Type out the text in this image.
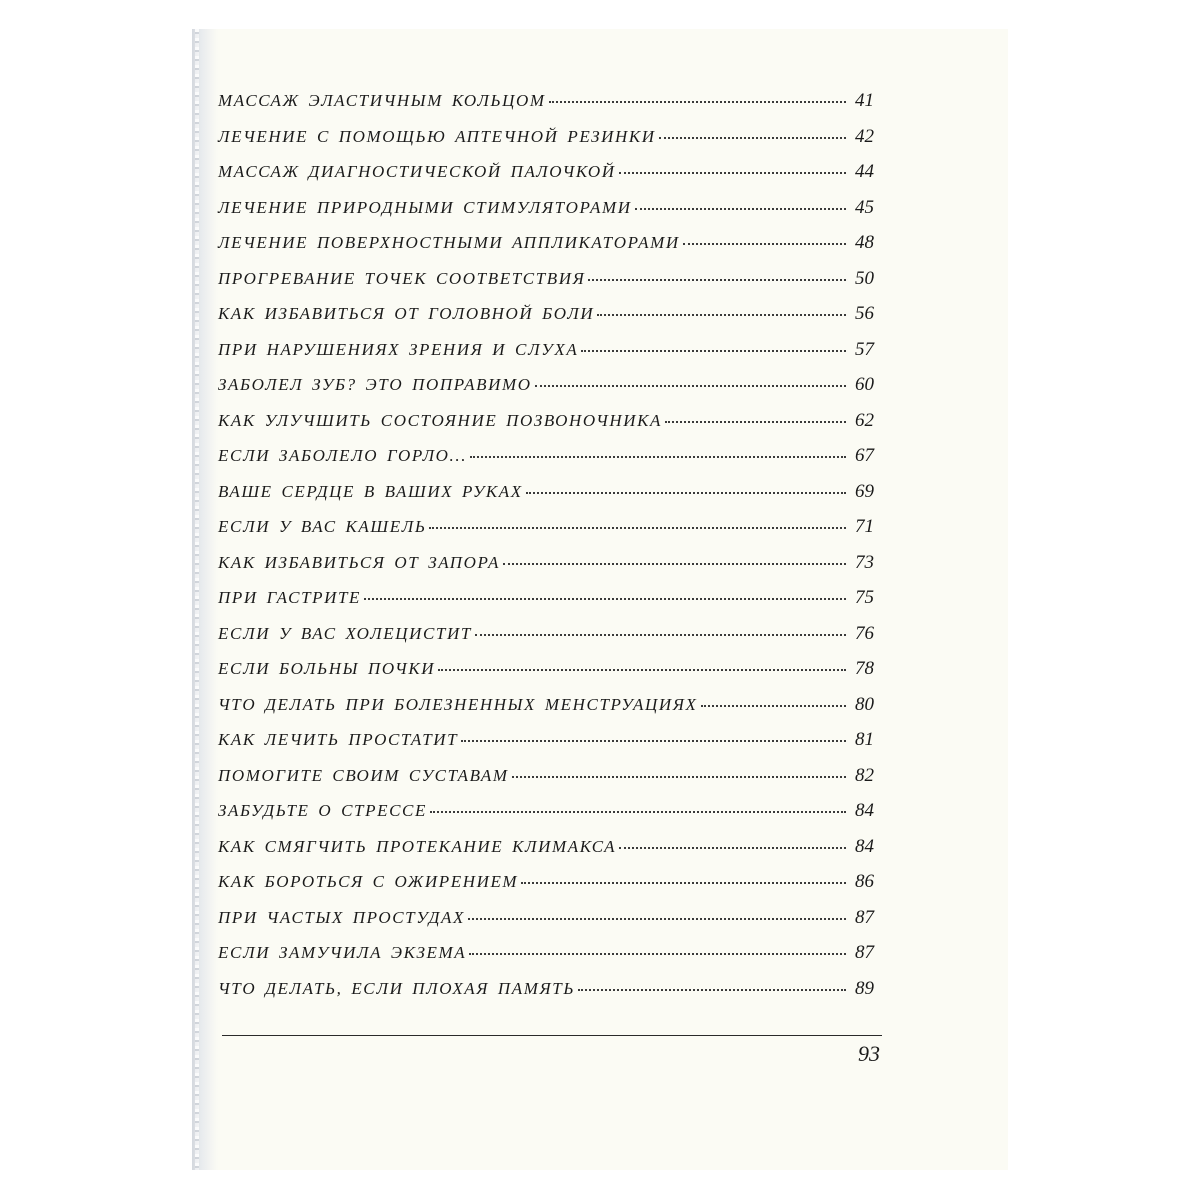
МАССАЖ ЭЛАСТИЧНЫМ КОЛЬЦОМ	41
ЛЕЧЕНИЕ С ПОМОЩЬЮ АПТЕЧНОЙ РЕЗИНКИ	42
МАССАЖ ДИАГНОСТИЧЕСКОЙ ПАЛОЧКОЙ	44
ЛЕЧЕНИЕ ПРИРОДНЫМИ СТИМУЛЯТОРАМИ	45
ЛЕЧЕНИЕ ПОВЕРХНОСТНЫМИ АППЛИКАТОРАМИ	48
ПРОГРЕВАНИЕ ТОЧЕК СООТВЕТСТВИЯ	50
КАК ИЗБАВИТЬСЯ ОТ ГОЛОВНОЙ БОЛИ	56
ПРИ НАРУШЕНИЯХ ЗРЕНИЯ И СЛУХА	57
ЗАБОЛЕЛ ЗУБ? ЭТО ПОПРАВИМО	60
КАК УЛУЧШИТЬ СОСТОЯНИЕ ПОЗВОНОЧНИКА	62
ЕСЛИ ЗАБОЛЕЛО ГОРЛО...	67
ВАШЕ СЕРДЦЕ В ВАШИХ РУКАХ	69
ЕСЛИ У ВАС КАШЕЛЬ	71
КАК ИЗБАВИТЬСЯ ОТ ЗАПОРА	73
ПРИ ГАСТРИТЕ	75
ЕСЛИ У ВАС ХОЛЕЦИСТИТ	76
ЕСЛИ БОЛЬНЫ ПОЧКИ	78
ЧТО ДЕЛАТЬ ПРИ БОЛЕЗНЕННЫХ МЕНСТРУАЦИЯХ	80
КАК ЛЕЧИТЬ ПРОСТАТИТ	81
ПОМОГИТЕ СВОИМ СУСТАВАМ	82
ЗАБУДЬТЕ О СТРЕССЕ	84
КАК СМЯГЧИТЬ ПРОТЕКАНИЕ КЛИМАКСА	84
КАК БОРОТЬСЯ С ОЖИРЕНИЕМ	86
ПРИ ЧАСТЫХ ПРОСТУДАХ	87
ЕСЛИ ЗАМУЧИЛА ЭКЗЕМА	87
ЧТО ДЕЛАТЬ, ЕСЛИ ПЛОХАЯ ПАМЯТЬ	89
93
